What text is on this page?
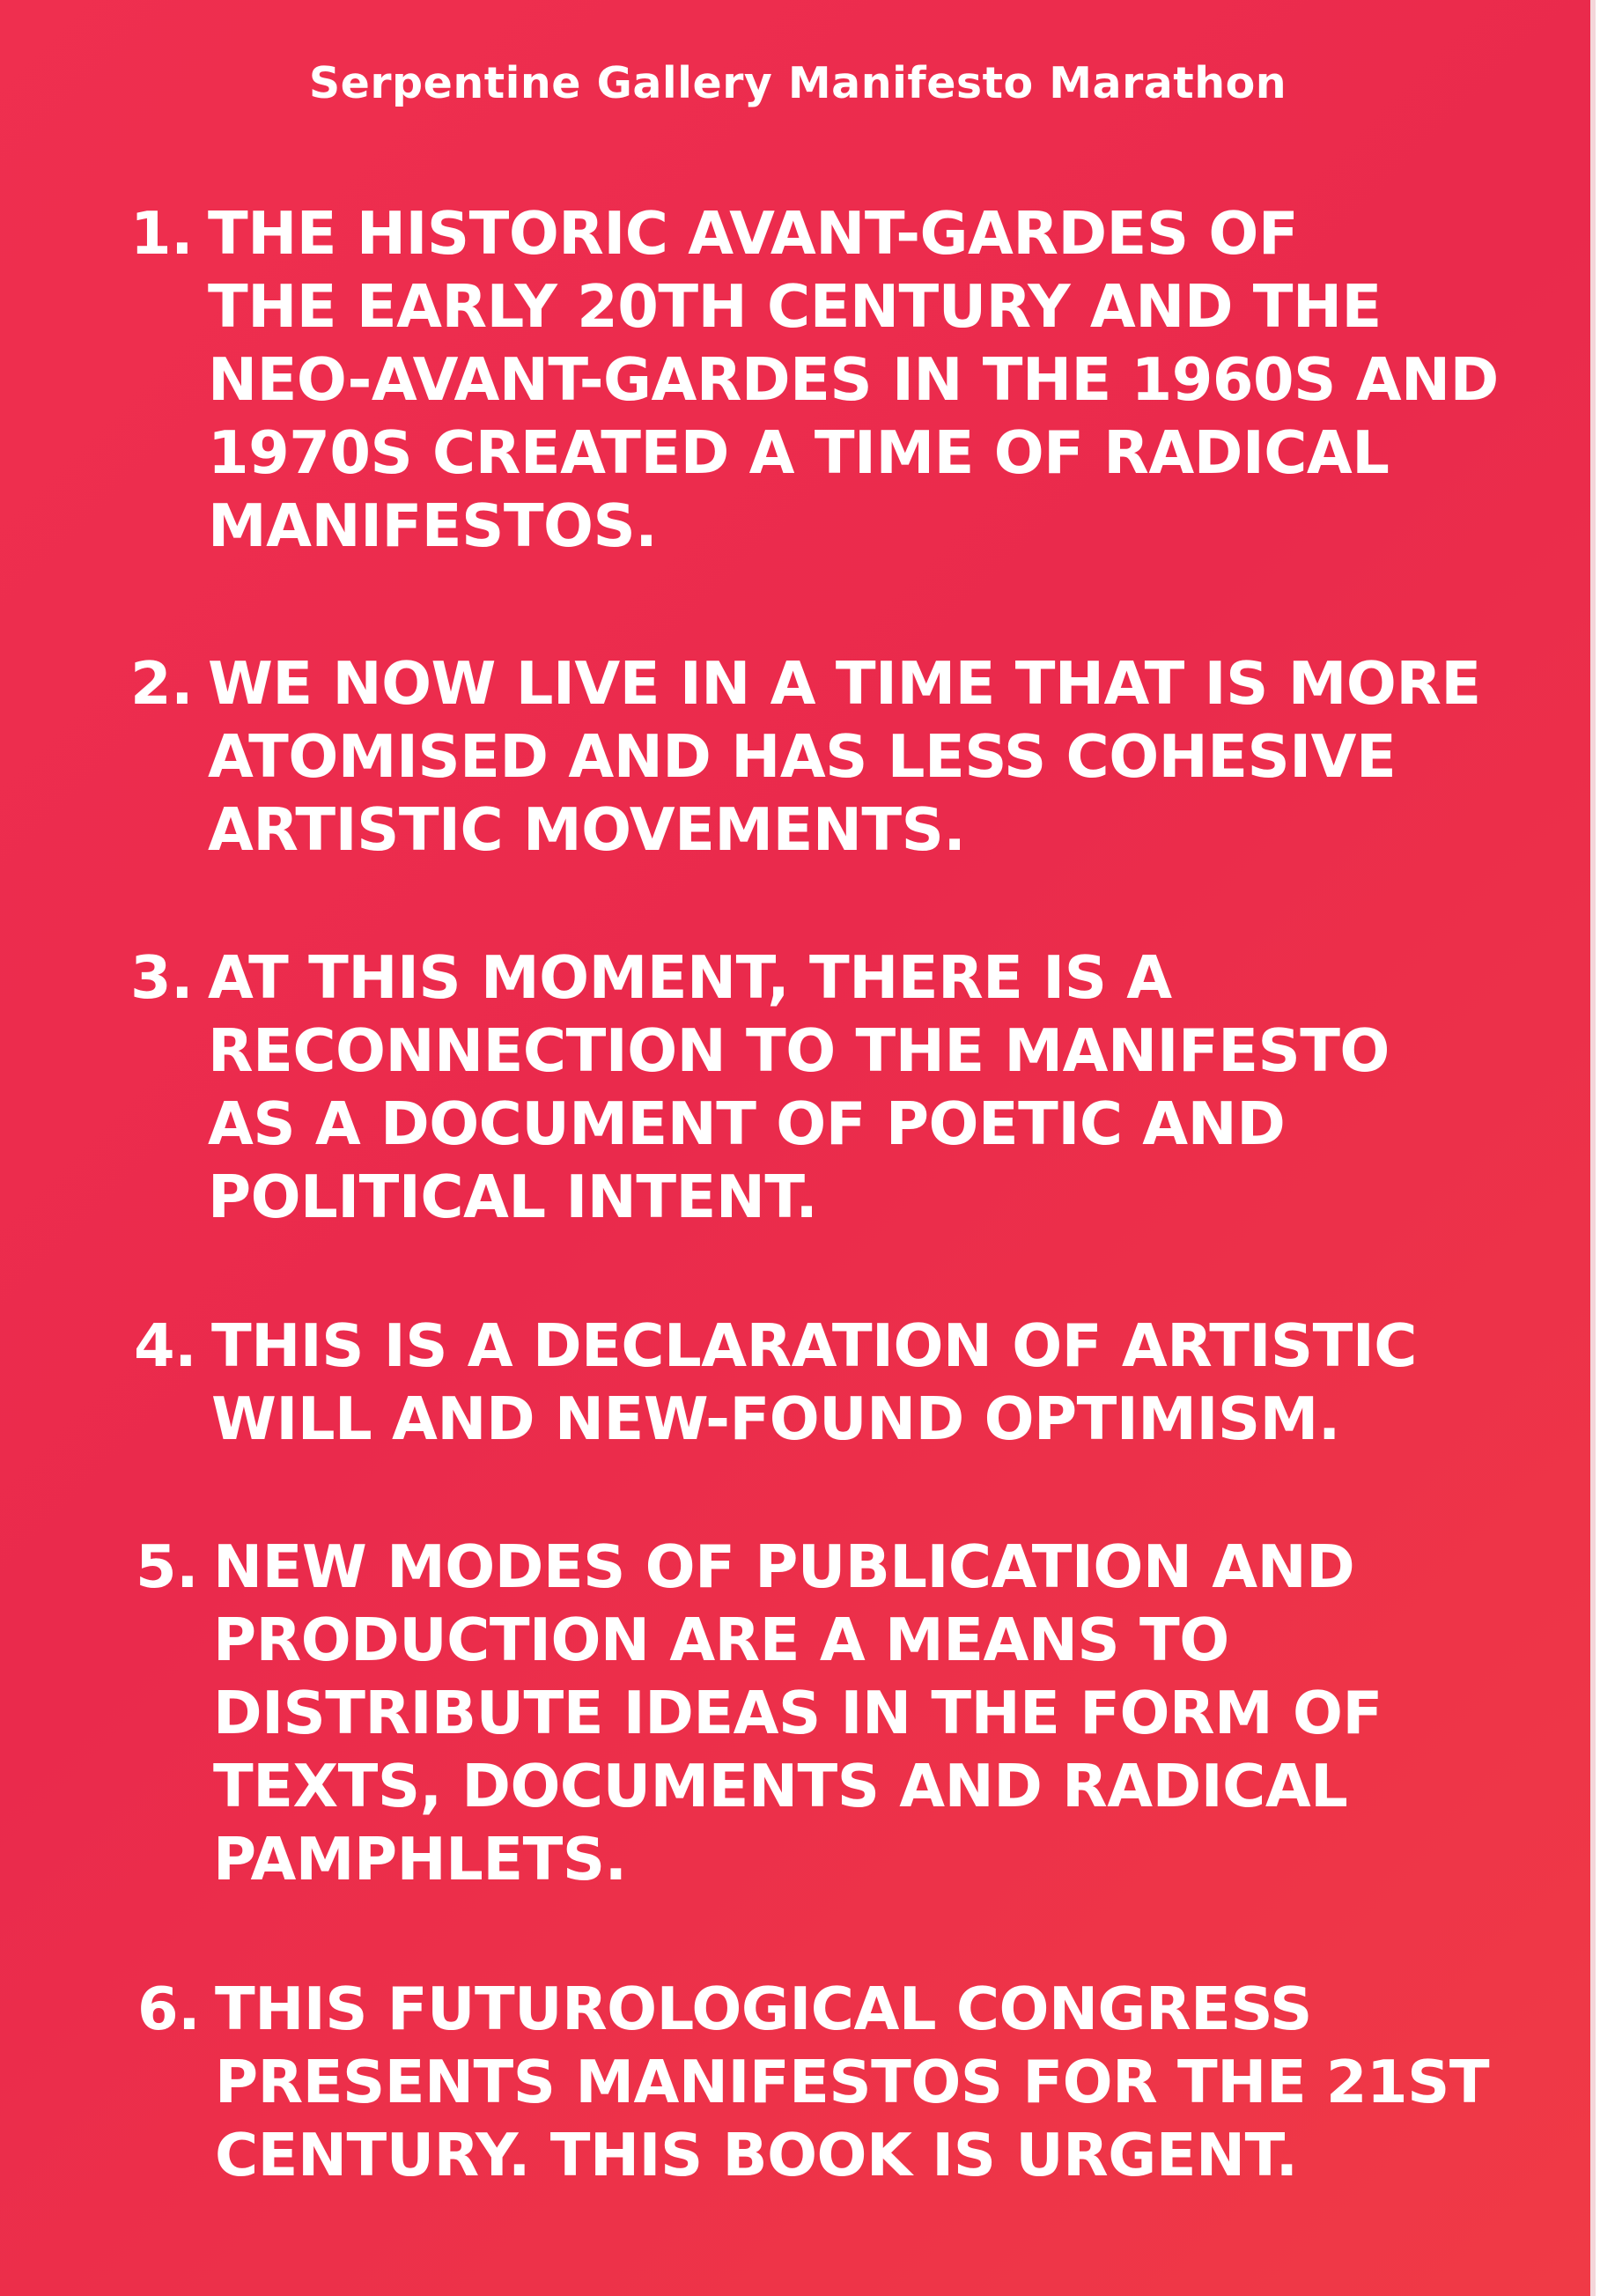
Serpentine Gallery Manifesto Marathon
1. THE HISTORIC AVANT-GARDES OF
THE EARLY 20TH CENTURY AND THE
NEO-AVANT-GARDES IN THE 1960S AND
1970S CREATED A TIME OF RADICAL
MANIFESTOS.
2. WE NOW LIVE IN A TIME THAT IS MORE
ATOMISED AND HAS LESS COHESIVE
ARTISTIC MOVEMENTS.
3. AT THIS MOMENT, THERE IS A
RECONNECTION TO THE MANIFESTO
AS A DOCUMENT OF POETIC AND
POLITICAL INTENT.
4. THIS IS A DECLARATION OF ARTISTIC
WILL AND NEW-FOUND OPTIMISM.
5. NEW MODES OF PUBLICATION AND
PRODUCTION ARE A MEANS TO
DISTRIBUTE IDEAS IN THE FORM OF
TEXTS, DOCUMENTS AND RADICAL
PAMPHLETS.
6. THIS FUTUROLOGICAL CONGRESS
PRESENTS MANIFESTOS FOR THE 21ST
CENTURY. THIS BOOK IS URGENT.
